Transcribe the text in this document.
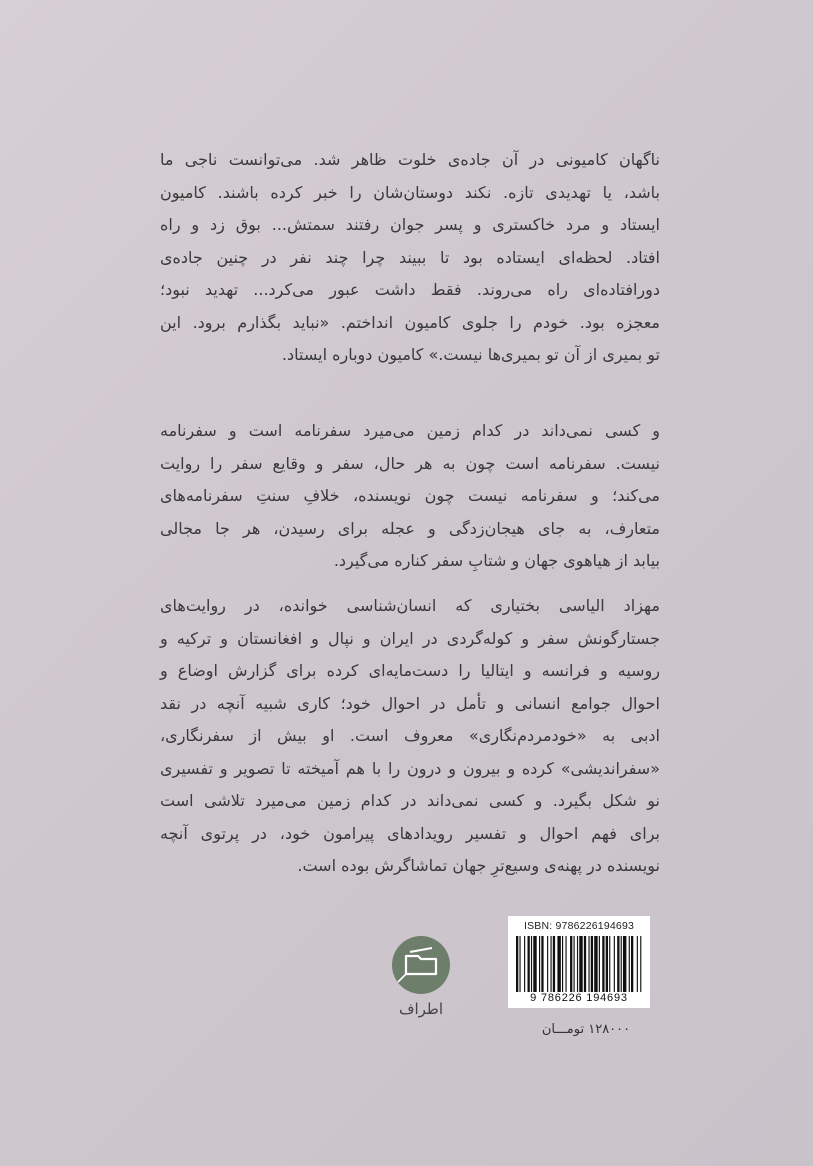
ناگهان کامیونی در آن جاده‌ی خلوت ظاهر شد. می‌توانست ناجی ما
باشد، یا تهدیدی تازه. نکند دوستان‌شان را خبر کرده باشند. کامیون
ایستاد و مرد خاکستری و پسر جوان رفتند سمتش... بوق زد و راه
افتاد. لحظه‌ای ایستاده بود تا ببیند چرا چند نفر در چنین جاده‌ی
دورافتاده‌ای راه می‌روند. فقط داشت عبور می‌کرد... تهدید نبود؛
معجزه بود. خودم را جلوی کامیون انداختم. «نباید بگذارم برود. این
تو بمیری از آن تو بمیری‌ها نیست.» کامیون دوباره ایستاد.
و کسی نمی‌داند در کدام زمین می‌میرد سفرنامه است و سفرنامه
نیست. سفرنامه است چون به هر حال، سفر و وقایع سفر را روایت
می‌کند؛ و سفرنامه نیست چون نویسنده، خلافِ سنتِ سفرنامه‌های
متعارف، به جای هیجان‌زدگی و عجله برای رسیدن، هر جا مجالی
بیابد از هیاهوی جهان و شتابِ سفر کناره می‌گیرد.
مهزاد الیاسی بختیاری که انسان‌شناسی خوانده، در روایت‌های
جستارگونش سفر و کوله‌گردی در ایران و نپال و افغانستان و ترکیه و
روسیه و فرانسه و ایتالیا را دست‌مایه‌ای کرده برای گزارش اوضاع و
احوال جوامع انسانی و تأمل در احوال خود؛ کاری شبیه آنچه در نقد
ادبی به «خودمردم‌نگاری» معروف است. او بیش از سفرنگاری،
«سفراندیشی» کرده و بیرون و درون را با هم آمیخته تا تصویر و تفسیری
نو شکل بگیرد. و کسی نمی‌داند در کدام زمین می‌میرد تلاشی است
برای فهم احوال و تفسیر رویدادهای پیرامون خود، در پرتوی آنچه
نویسنده در پهنه‌ی وسیع‌ترِ جهان تماشاگرش بوده است.
اطراف
ISBN: 9786226194693
9 786226 194693
۱۲۸۰۰۰ تومـــان
